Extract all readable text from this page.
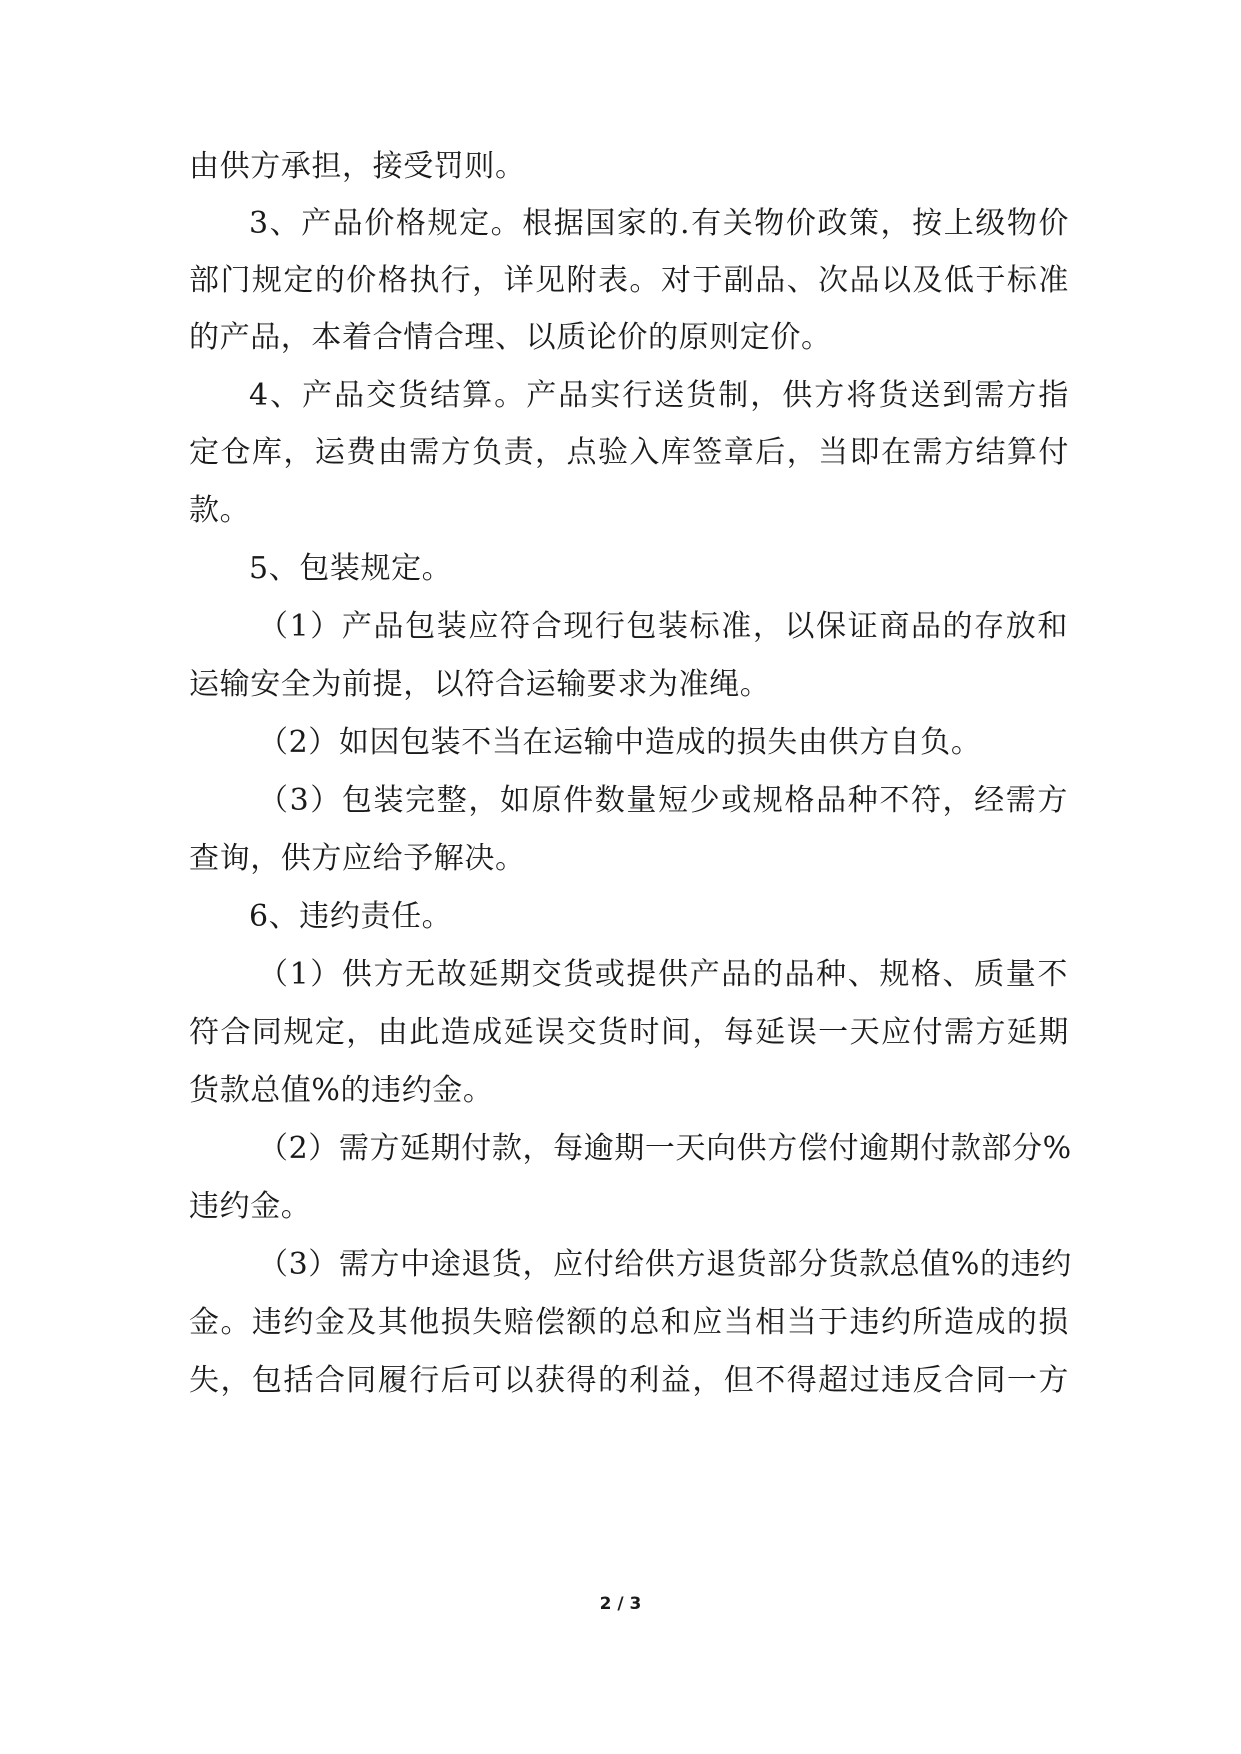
由供方承担，接受罚则。
3、产品价格规定。根据国家的.有关物价政策，按上级物价
部门规定的价格执行，详见附表。对于副品、次品以及低于标准
的产品，本着合情合理、以质论价的原则定价。
4、产品交货结算。产品实行送货制，供方将货送到需方指
定仓库，运费由需方负责，点验入库签章后，当即在需方结算付
款。
5、包装规定。
（1）产品包装应符合现行包装标准，以保证商品的存放和
运输安全为前提，以符合运输要求为准绳。
（2）如因包装不当在运输中造成的损失由供方自负。
（3）包装完整，如原件数量短少或规格品种不符，经需方
查询，供方应给予解决。
6、违约责任。
（1）供方无故延期交货或提供产品的品种、规格、质量不
符合同规定，由此造成延误交货时间，每延误一天应付需方延期
货款总值%的违约金。
（2）需方延期付款，每逾期一天向供方偿付逾期付款部分%
违约金。
（3）需方中途退货，应付给供方退货部分货款总值%的违约
金。违约金及其他损失赔偿额的总和应当相当于违约所造成的损
失，包括合同履行后可以获得的利益，但不得超过违反合同一方
2 / 3
